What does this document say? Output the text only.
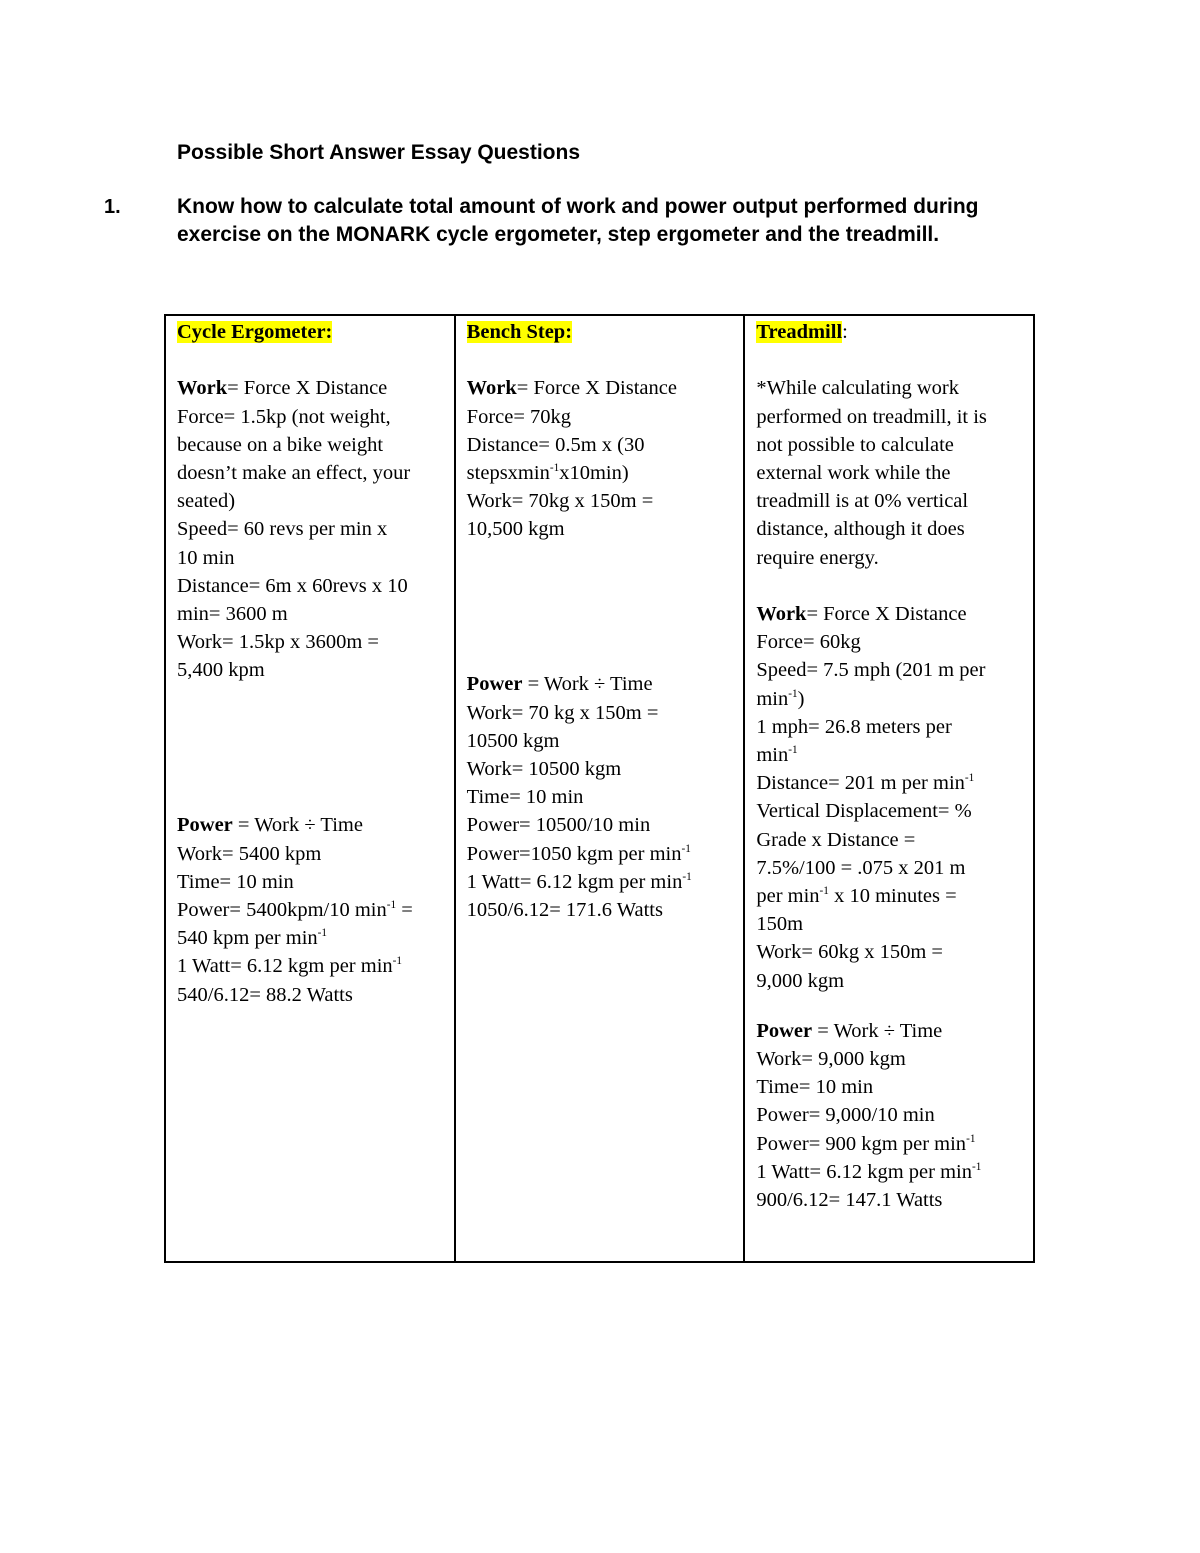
Possible Short Answer Essay Questions
1.	Know how to calculate total amount of work and power output performed during exercise on the MONARK cycle ergometer, step ergometer and the treadmill.
Cycle Ergometer:
Work= Force X Distance
Force= 1.5kp (not weight,
because on a bike weight
doesn’t make an effect, your
seated)
Speed= 60 revs per min x
10 min
Distance= 6m x 60revs x 10
min= 3600 m
Work= 1.5kp x 3600m =
5,400 kpm
Power = Work ÷ Time
Work= 5400 kpm
Time= 10 min
Power= 5400kpm/10 $\min^{-1}$ =
540 kpm per $\min^{-1}$
1 Watt= 6.12 kgm per $\min^{-1}$
540/6.12= 88.2 Watts
Bench Step:
Work= Force X Distance
Force= 70kg
Distance= 0.5m x (30
stepsxmin$^{-1}$x10min)
Work= 70kg x 150m =
10,500 kgm
Power = Work ÷ Time
Work= 70 kg x 150m =
10500 kgm
Work= 10500 kgm
Time= 10 min
Power= 10500/10 min
Power=1050 kgm per $\min^{-1}$
1 Watt= 6.12 kgm per $\min^{-1}$
1050/6.12= 171.6 Watts
Treadmill:
*While calculating work
performed on treadmill, it is
not possible to calculate
external work while the
treadmill is at 0% vertical
distance, although it does
require energy.
Work= Force X Distance
Force= 60kg
Speed= 7.5 mph (201 m per
$\min^{-1}$)
1 mph= 26.8 meters per
$\min^{-1}$
Distance= 201 m per $\min^{-1}$
Vertical Displacement= %
Grade x Distance =
7.5%/100 = .075 x 201 m
per $\min^{-1} x$ 10 minutes =
150m
Work= 60kg x 150m =
9,000 kgm
Power = Work ÷ Time
Work= 9,000 kgm
Time= 10 min
Power= 9,000/10 min
Power= 900 kgm per $\min^{-1}$
1 Watt= 6.12 kgm per $\min^{-1}$
900/6.12= 147.1 Watts
